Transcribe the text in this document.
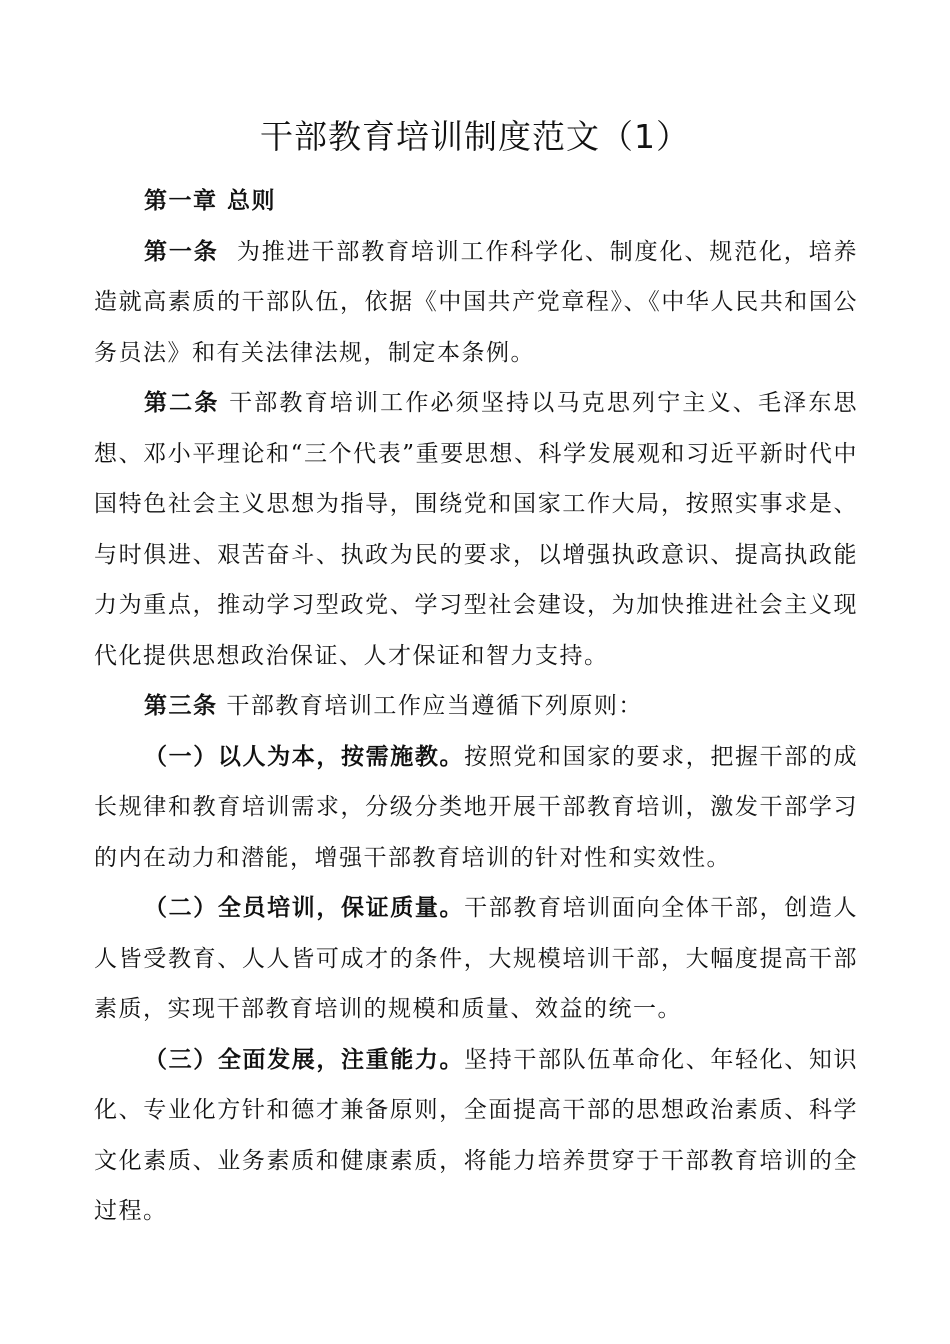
干部教育培训制度范文（1）

第一章 总则

第一条 为推进干部教育培训工作科学化、制度化、规范化，培养造就高素质的干部队伍，依据《中国共产党章程》、《中华人民共和国公务员法》和有关法律法规，制定本条例。

第二条 干部教育培训工作必须坚持以马克思列宁主义、毛泽东思想、邓小平理论和“三个代表”重要思想、科学发展观和习近平新时代中国特色社会主义思想为指导，围绕党和国家工作大局，按照实事求是、与时俱进、艰苦奋斗、执政为民的要求，以增强执政意识、提高执政能力为重点，推动学习型政党、学习型社会建设，为加快推进社会主义现代化提供思想政治保证、人才保证和智力支持。

第三条 干部教育培训工作应当遵循下列原则：

（一）以人为本，按需施教。按照党和国家的要求，把握干部的成长规律和教育培训需求，分级分类地开展干部教育培训，激发干部学习的内在动力和潜能，增强干部教育培训的针对性和实效性。

（二）全员培训，保证质量。干部教育培训面向全体干部，创造人人皆受教育、人人皆可成才的条件，大规模培训干部，大幅度提高干部素质，实现干部教育培训的规模和质量、效益的统一。

（三）全面发展，注重能力。坚持干部队伍革命化、年轻化、知识化、专业化方针和德才兼备原则，全面提高干部的思想政治素质、科学文化素质、业务素质和健康素质，将能力培养贯穿于干部教育培训的全过程。
